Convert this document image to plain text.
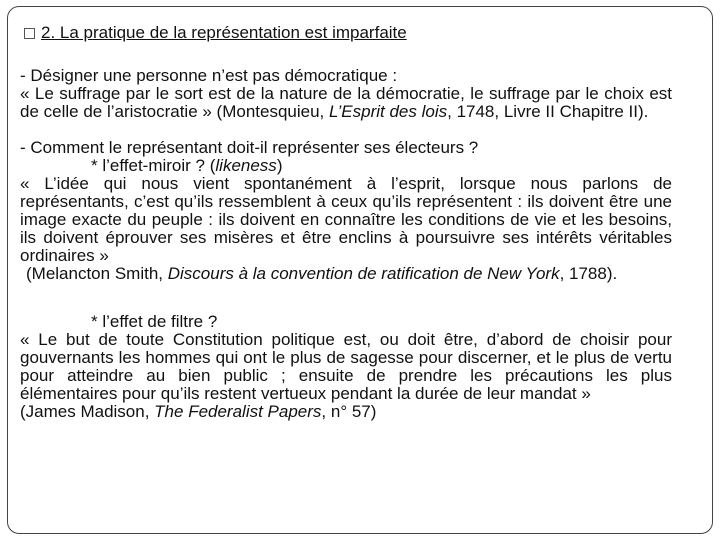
2. La pratique de la représentation est imparfaite

- Désigner une personne n’est pas démocratique :

« Le suffrage par le sort est de la nature de la démocratie, le suffrage par le choix est de celle de l’aristocratie » (Montesquieu, L’Esprit des lois, 1748, Livre II Chapitre II).

- Comment le représentant doit-il représenter ses électeurs ?

* l’effet-miroir ? (likeness)

« L’idée qui nous vient spontanément à l’esprit, lorsque nous parlons de représentants, c’est qu’ils ressemblent à ceux qu’ils représentent : ils doivent être une image exacte du peuple : ils doivent en connaître les conditions de vie et les besoins, ils doivent éprouver ses misères et être enclins à poursuivre ses intérêts véritables ordinaires »

(Melancton Smith, Discours à la convention de ratification de New York, 1788).

* l’effet de filtre ?

« Le but de toute Constitution politique est, ou doit être, d’abord de choisir pour gouvernants les hommes qui ont le plus de sagesse pour discerner, et le plus de vertu pour atteindre au bien public ; ensuite de prendre les précautions les plus élémentaires pour qu’ils restent vertueux pendant la durée de leur mandat »

(James Madison, The Federalist Papers, n° 57)
